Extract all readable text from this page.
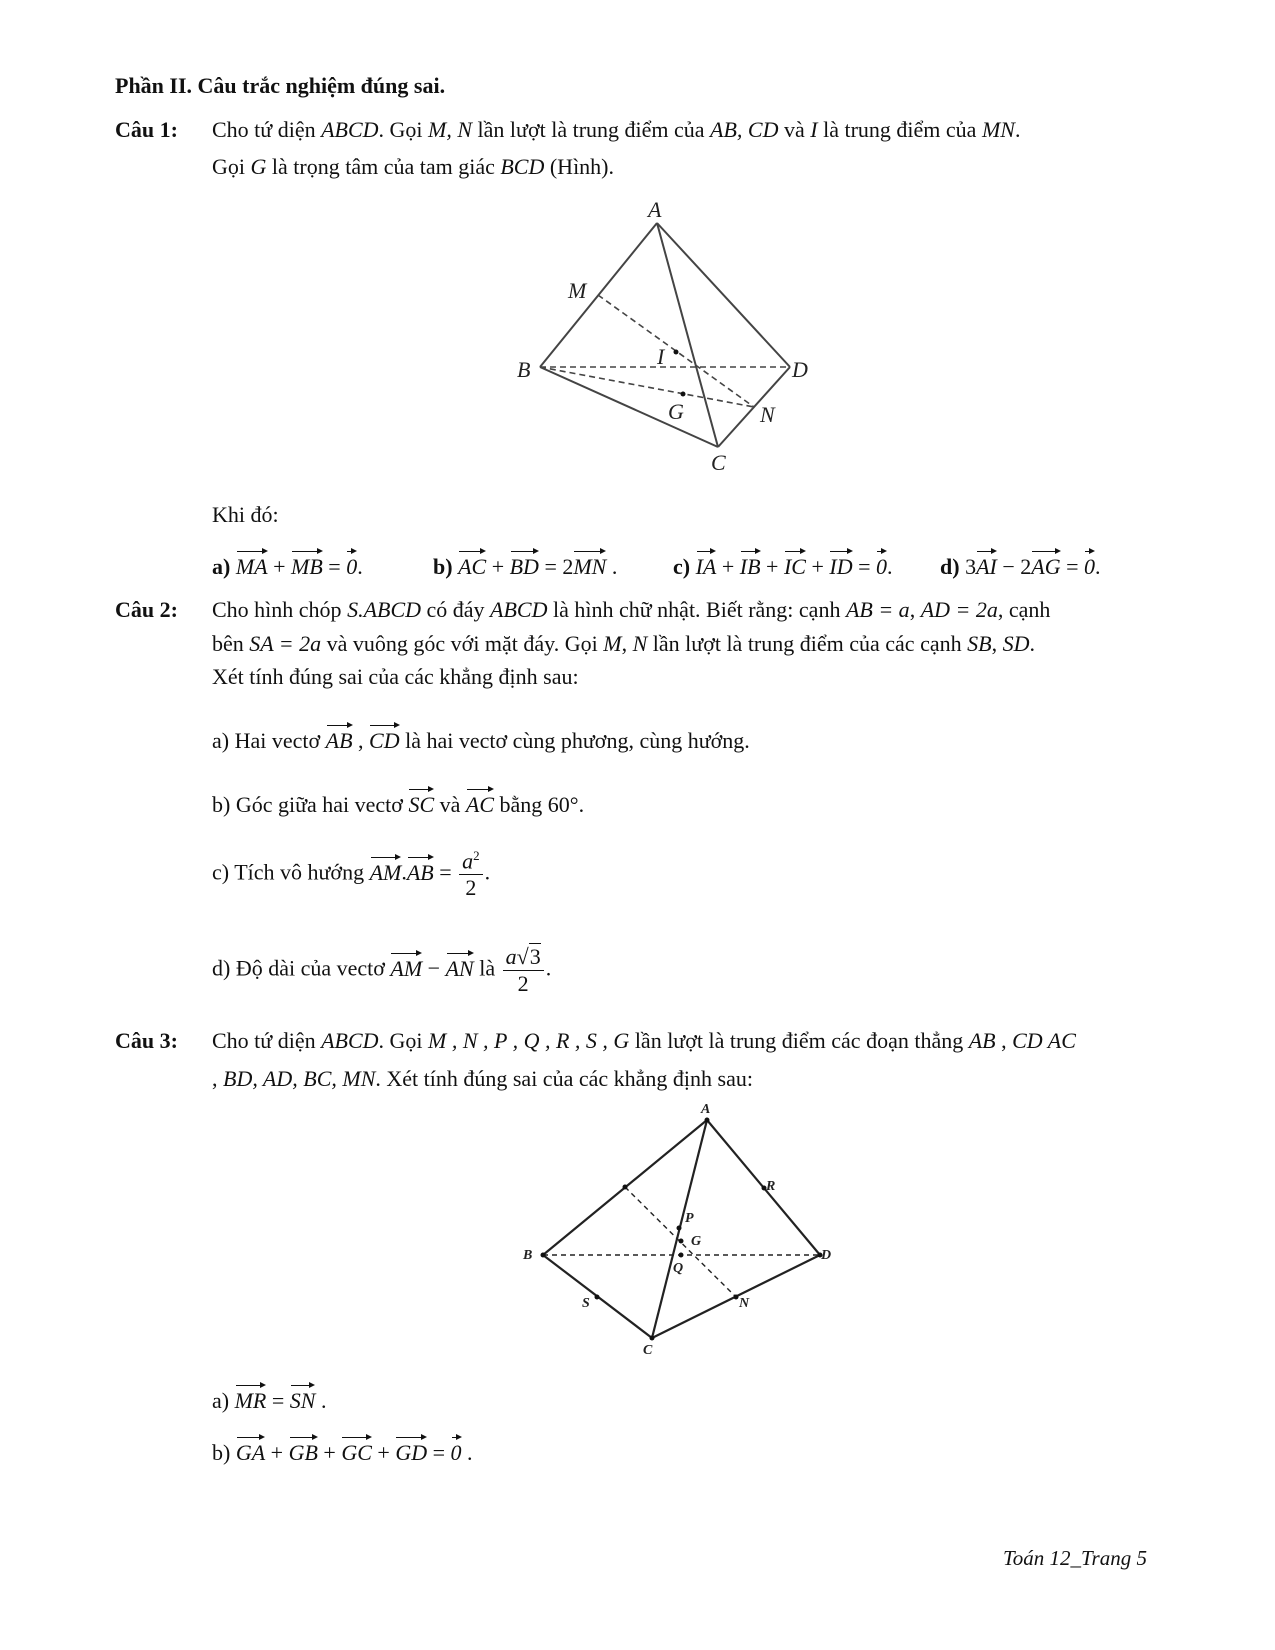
Phần II. Câu trắc nghiệm đúng sai.
Câu 1: Cho tứ diện ABCD. Gọi M, N lần lượt là trung điểm của AB, CD và I là trung điểm của MN.
Gọi G là trọng tâm của tam giác BCD (Hình).
A
M
I
B	D
G	N
C
Khi đó:
a) MA + MB = 0.	b) AC + BD = 2MN .	c) IA + IB + IC + ID = 0. d) 3AI − 2AG = 0.
Câu 2: Cho hình chóp S.ABCD có đáy ABCD là hình chữ nhật. Biết rằng: cạnh AB = a, AD = 2a, cạnh
bên SA = 2a và vuông góc với mặt đáy. Gọi M, N lần lượt là trung điểm của các cạnh SB, SD.
Xét tính đúng sai của các khẳng định sau:
a) Hai vectơ AB , CD là hai vectơ cùng phương, cùng hướng.
b) Góc giữa hai vectơ SC và AC bằng 60°.
c) Tích vô hướng $AM.AB = \frac{a^2}{2}$ .
d) Độ dài của vectơ AM − AN là $\frac{a√3}{2}$ .
Câu 3: Cho tứ diện ABCD. Gọi M , N , P , Q , R , S , G lần lượt là trung điểm các đoạn thẳng AB , CD AC
, BD, AD, BC, MN. Xét tính đúng sai của các khẳng định sau:
A
R
P
G
B	D
Q
S	N
C
a) MR = SN .
b) GA + GB + GC + GD = 0 .
Toán 12_Trang 5
